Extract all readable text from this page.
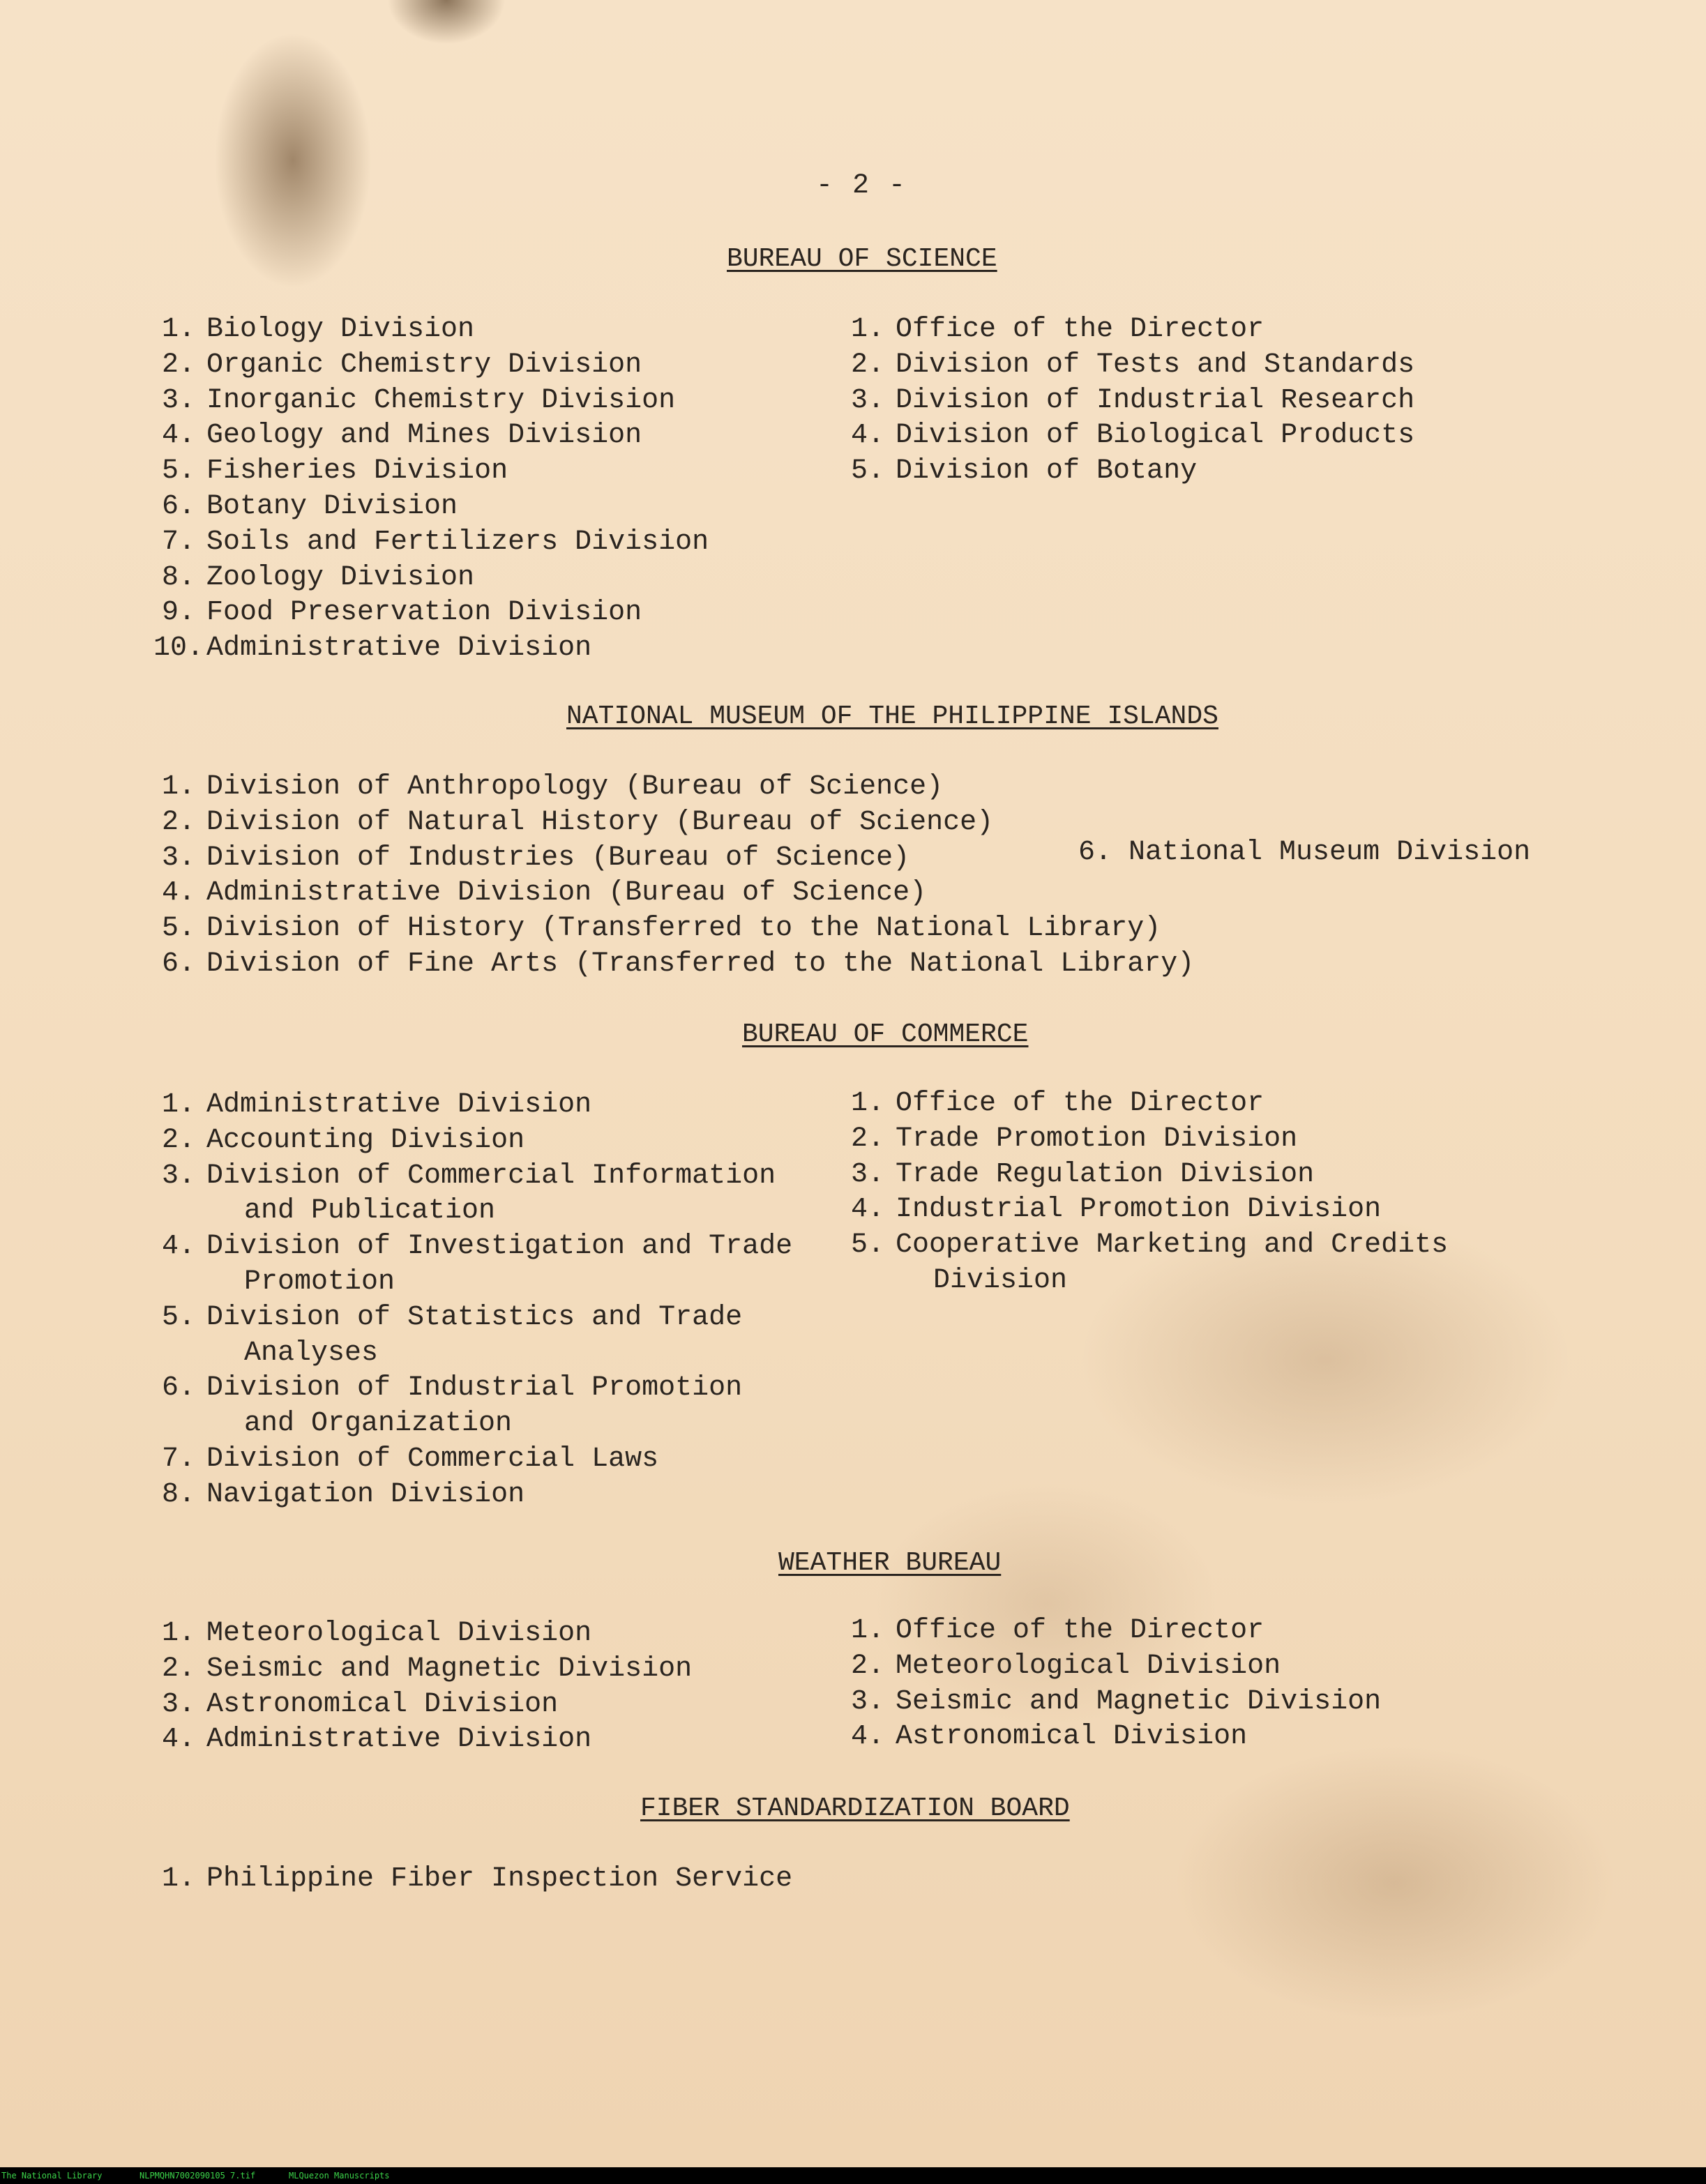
- 2 -
BUREAU OF SCIENCE
1. Biology Division
2. Organic Chemistry Division
3. Inorganic Chemistry Division
4. Geology and Mines Division
5. Fisheries Division
6. Botany Division
7. Soils and Fertilizers Division
8. Zoology Division
9. Food Preservation Division
10. Administrative Division
1. Office of the Director
2. Division of Tests and Standards
3. Division of Industrial Research
4. Division of Biological Products
5. Division of Botany
NATIONAL MUSEUM OF THE PHILIPPINE ISLANDS
1. Division of Anthropology (Bureau of Science)
2. Division of Natural History (Bureau of Science)
3. Division of Industries (Bureau of Science)
4. Administrative Division (Bureau of Science)
5. Division of History (Transferred to the National Library)
6. Division of Fine Arts (Transferred to the National Library)
6. National Museum Division
BUREAU OF COMMERCE
1. Administrative Division
2. Accounting Division
3. Division of Commercial Information
and Publication
4. Division of Investigation and Trade
Promotion
5. Division of Statistics and Trade
Analyses
6. Division of Industrial Promotion
and Organization
7. Division of Commercial Laws
8. Navigation Division
1. Office of the Director
2. Trade Promotion Division
3. Trade Regulation Division
4. Industrial Promotion Division
5. Cooperative Marketing and Credits
Division
WEATHER BUREAU
1. Meteorological Division
2. Seismic and Magnetic Division
3. Astronomical Division
4. Administrative Division
1. Office of the Director
2. Meteorological Division
3. Seismic and Magnetic Division
4. Astronomical Division
FIBER STANDARDIZATION BOARD
1. Philippine Fiber Inspection Service
The National Library	NLPMQHN7002090105 7.tif	MLQuezon Manuscripts
